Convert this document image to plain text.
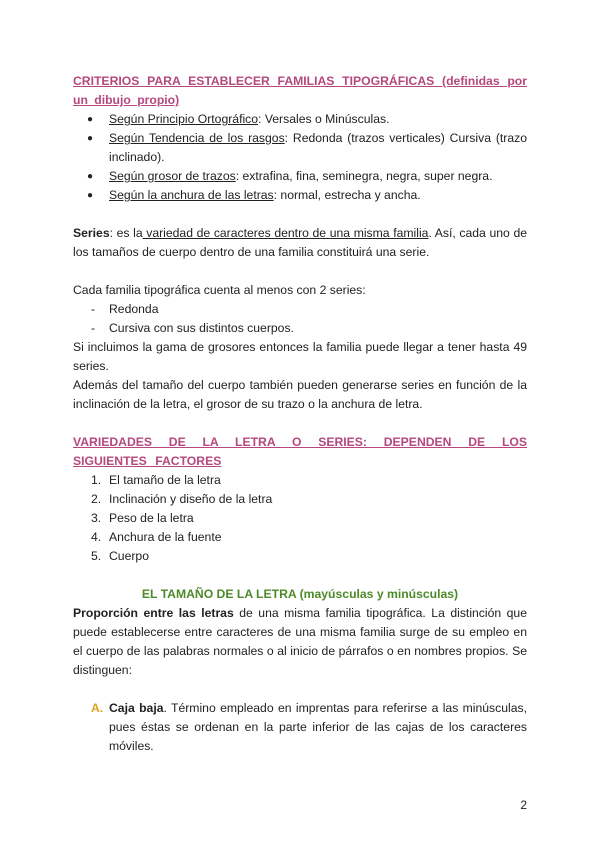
CRITERIOS PARA ESTABLECER FAMILIAS TIPOGRÁFICAS (definidas por un dibujo propio)

● Según Principio Ortográfico: Versales o Minúsculas.
● Según Tendencia de los rasgos: Redonda (trazos verticales) Cursiva (trazo inclinado).
● Según grosor de trazos: extrafina, fina, seminegra, negra, super negra.
● Según la anchura de las letras: normal, estrecha y ancha.

Series: es la variedad de caracteres dentro de una misma familia. Así, cada uno de los tamaños de cuerpo dentro de una familia constituirá una serie.

Cada familia tipográfica cuenta al menos con 2 series:

- Redonda
- Cursiva con sus distintos cuerpos.

Si incluimos la gama de grosores entonces la familia puede llegar a tener hasta 49 series.

Además del tamaño del cuerpo también pueden generarse series en función de la inclinación de la letra, el grosor de su trazo o la anchura de letra.

VARIEDADES DE LA LETRA O SERIES: DEPENDEN DE LOS SIGUIENTES FACTORES

1. El tamaño de la letra
2. Inclinación y diseño de la letra
3. Peso de la letra
4. Anchura de la fuente
5. Cuerpo

EL TAMAÑO DE LA LETRA (mayúsculas y minúsculas)

Proporción entre las letras de una misma familia tipográfica. La distinción que puede establecerse entre caracteres de una misma familia surge de su empleo en el cuerpo de las palabras normales o al inicio de párrafos o en nombres propios. Se distinguen:

A. Caja baja. Término empleado en imprentas para referirse a las minúsculas, pues éstas se ordenan en la parte inferior de las cajas de los caracteres móviles.
2
